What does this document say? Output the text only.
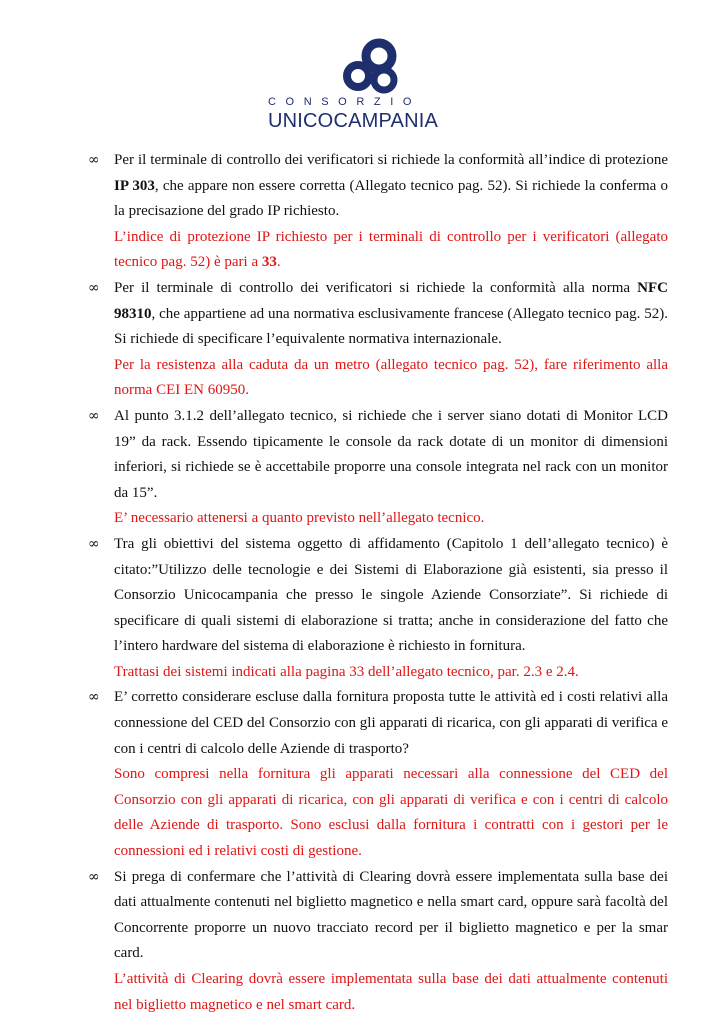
CONSORZIO
UNICOCAMPANIA
∞ Per il terminale di controllo dei verificatori si richiede la conformità all’indice di protezione IP 303, che appare non essere corretta (Allegato tecnico pag. 52). Si richiede la conferma o la precisazione del grado IP richiesto.

L’indice di protezione IP richiesto per i terminali di controllo per i verificatori (allegato tecnico pag. 52) è pari a 33.

∞ Per il terminale di controllo dei verificatori si richiede la conformità alla norma NFC 98310, che appartiene ad una normativa esclusivamente francese (Allegato tecnico pag. 52). Si richiede di specificare l’equivalente normativa internazionale.

Per la resistenza alla caduta da un metro (allegato tecnico pag. 52), fare riferimento alla norma CEI EN 60950.

∞ Al punto 3.1.2 dell’allegato tecnico, si richiede che i server siano dotati di Monitor LCD 19” da rack. Essendo tipicamente le console da rack dotate di un monitor di dimensioni inferiori, si richiede se è accettabile proporre una console integrata nel rack con un monitor da 15”.

E’ necessario attenersi a quanto previsto nell’allegato tecnico.

∞ Tra gli obiettivi del sistema oggetto di affidamento (Capitolo 1 dell’allegato tecnico) è citato:”Utilizzo delle tecnologie e dei Sistemi di Elaborazione già esistenti, sia presso il Consorzio Unicocampania che presso le singole Aziende Consorziate”. Si richiede di specificare di quali sistemi di elaborazione si tratta; anche in considerazione del fatto che l’intero hardware del sistema di elaborazione è richiesto in fornitura.

Trattasi dei sistemi indicati alla pagina 33 dell’allegato tecnico, par. 2.3 e 2.4.

∞ E’ corretto considerare escluse dalla fornitura proposta tutte le attività ed i costi relativi alla connessione del CED del Consorzio con gli apparati di ricarica, con gli apparati di verifica e con i centri di calcolo delle Aziende di trasporto?

Sono compresi nella fornitura gli apparati necessari alla connessione del CED del Consorzio con gli apparati di ricarica, con gli apparati di verifica e con i centri di calcolo delle Aziende di trasporto. Sono esclusi dalla fornitura i contratti con i gestori per le connessioni ed i relativi costi di gestione.

∞ Si prega di confermare che l’attività di Clearing dovrà essere implementata sulla base dei dati attualmente contenuti nel biglietto magnetico e nella smart card, oppure sarà facoltà del Concorrente proporre un nuovo tracciato record per il biglietto magnetico e per la smar card.

L’attività di Clearing dovrà essere implementata sulla base dei dati attualmente contenuti nel biglietto magnetico e nel smart card.
